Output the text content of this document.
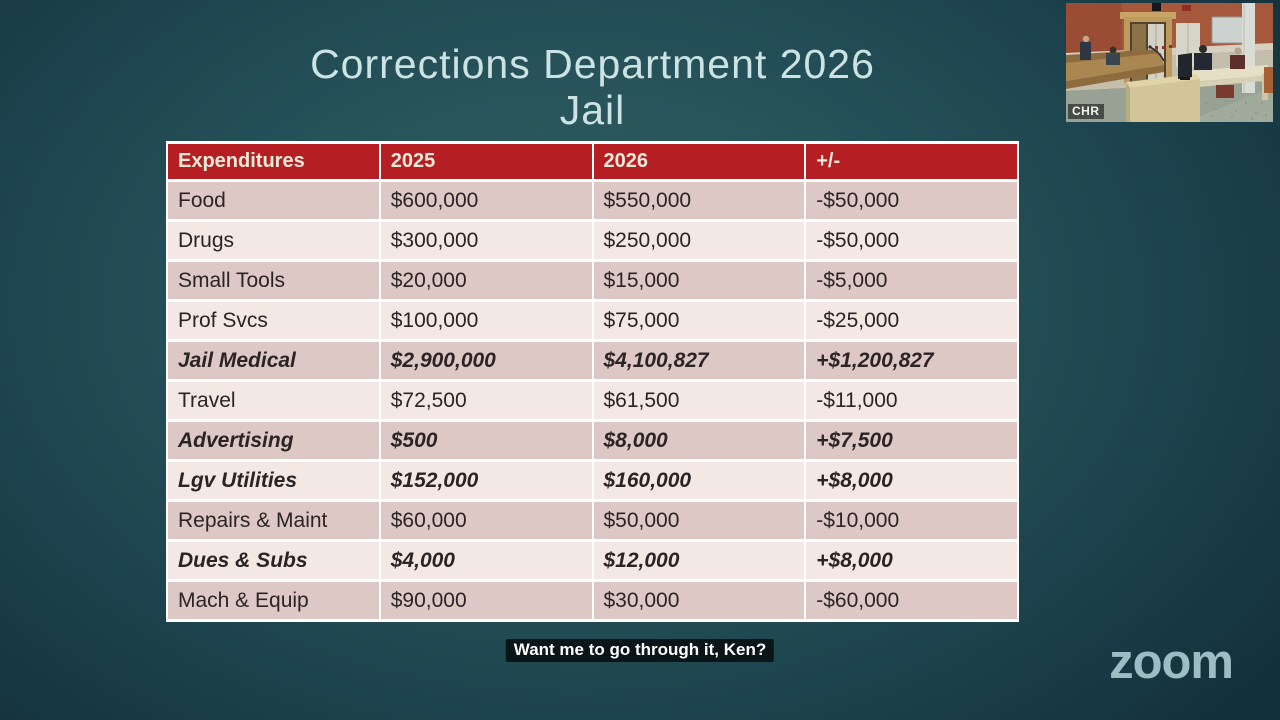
Corrections Department 2026
Jail
Expenditures	2025	2026	+/-
Food	$600,000	$550,000	-$50,000
Drugs	$300,000	$250,000	-$50,000
Small Tools	$20,000	$15,000	-$5,000
Prof Svcs	$100,000	$75,000	-$25,000
Jail Medical	$2,900,000	$4,100,827	+$1,200,827
Travel	$72,500	$61,500	-$11,000
Advertising	$500	$8,000	+$7,500
Lgv Utilities	$152,000	$160,000	+$8,000
Repairs & Maint	$60,000	$50,000	-$10,000
Dues & Subs	$4,000	$12,000	+$8,000
Mach & Equip	$90,000	$30,000	-$60,000
Want me to go through it, Ken?	zoom
CHR
